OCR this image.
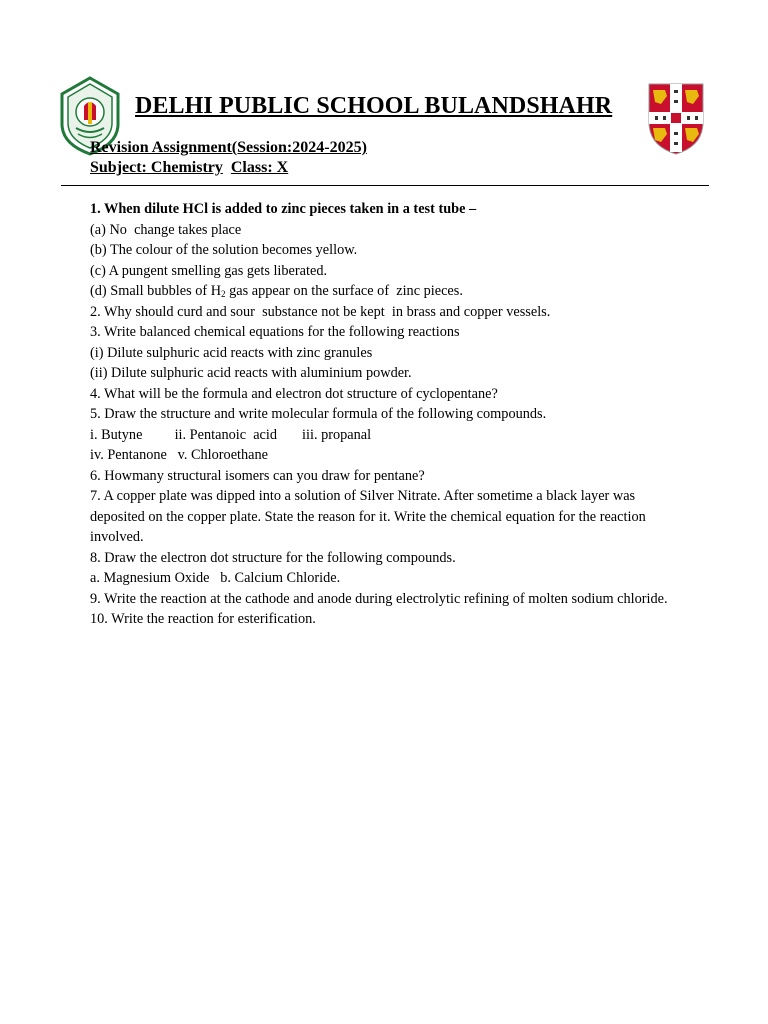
DELHI PUBLIC SCHOOL BULANDSHAHR
Revision Assignment(Session:2024-2025)
Subject: Chemistry Class: X
1. When dilute HCl is added to zinc pieces taken in a test tube –
(a) No  change takes place
(b) The colour of the solution becomes yellow.
(c) A pungent smelling gas gets liberated.
(d) Small bubbles of $H_2$ gas appear on the surface of  zinc pieces.
2. Why should curd and sour  substance not be kept  in brass and copper vessels.
3. Write balanced chemical equations for the following reactions
(i) Dilute sulphuric acid reacts with zinc granules
(ii) Dilute sulphuric acid reacts with aluminium powder.
4. What will be the formula and electron dot structure of cyclopentane?
5. Draw the structure and write molecular formula of the following compounds.
i. Butyne         ii. Pentanoic  acid       iii. propanal
iv. Pentanone   v. Chloroethane
6. Howmany structural isomers can you draw for pentane?
7. A copper plate was dipped into a solution of Silver Nitrate. After sometime a black layer was deposited on the copper plate. State the reason for it. Write the chemical equation for the reaction involved.
8. Draw the electron dot structure for the following compounds.
a. Magnesium Oxide   b. Calcium Chloride.
9. Write the reaction at the cathode and anode during electrolytic refining of molten sodium chloride.
10. Write the reaction for esterification.
